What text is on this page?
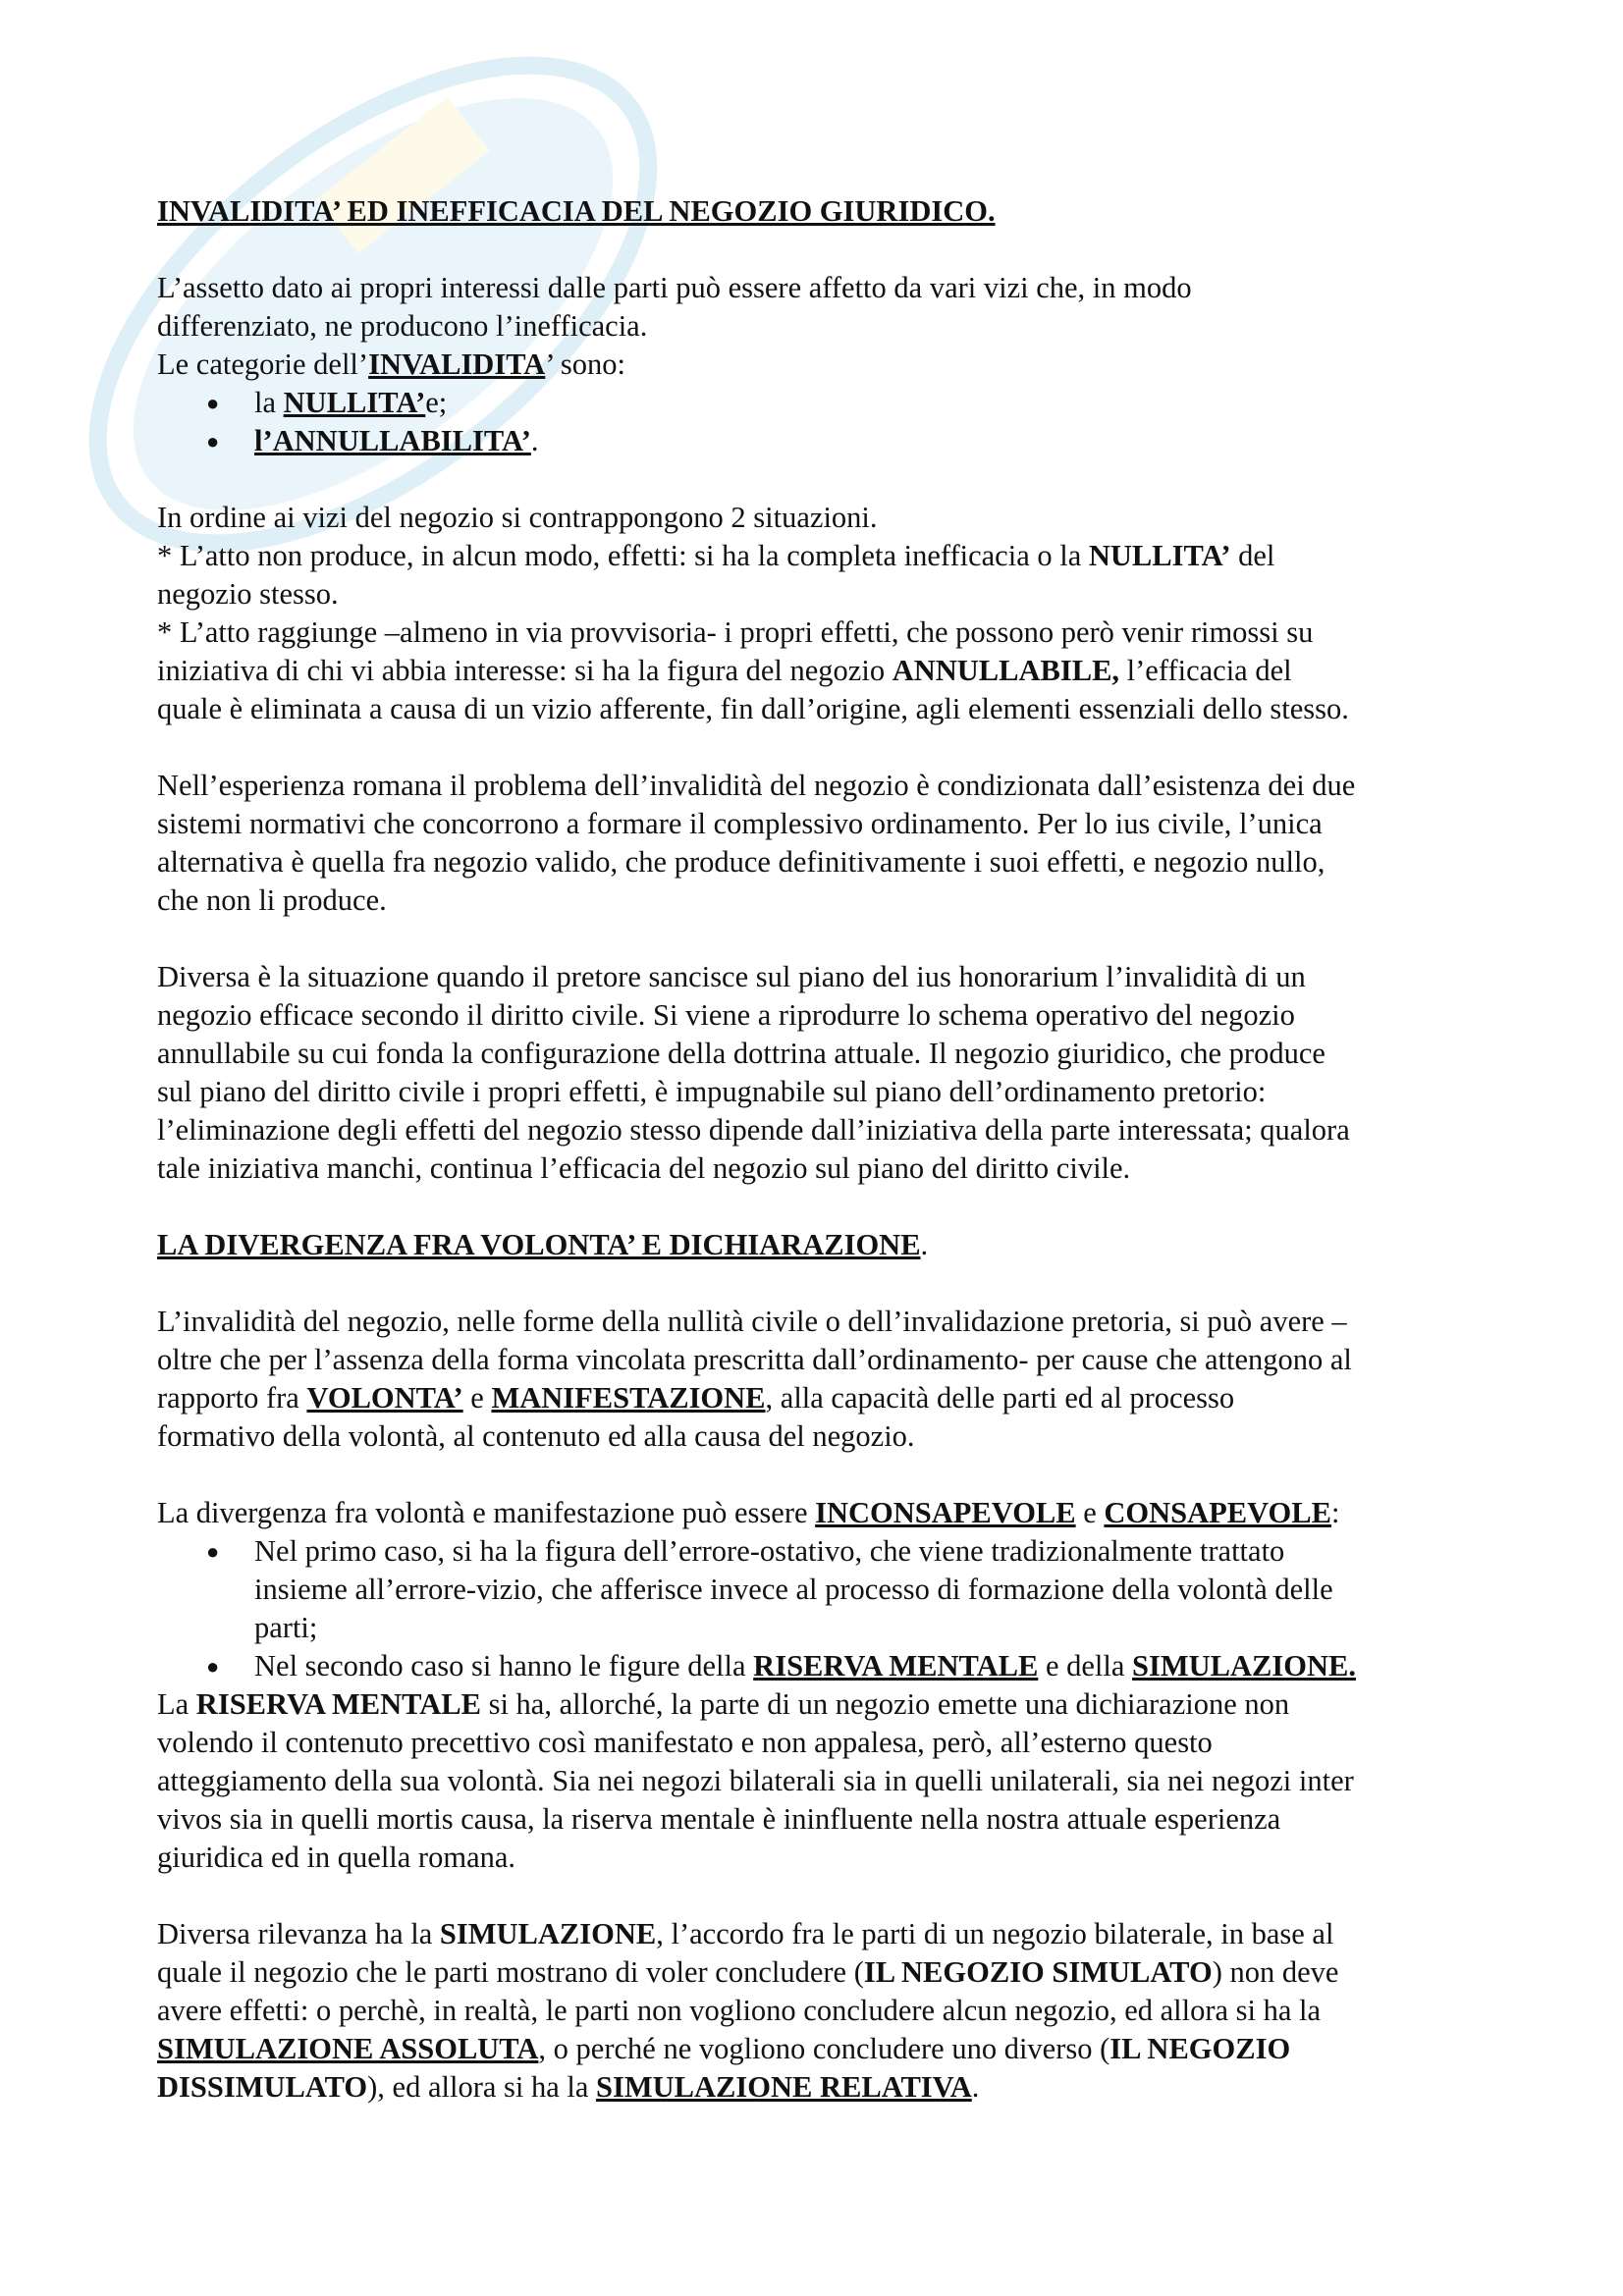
INVALIDITA’ ED INEFFICACIA DEL NEGOZIO GIURIDICO.

L’assetto dato ai propri interessi dalle parti può essere affetto da vari vizi che, in modo
differenziato, ne producono l’inefficacia.

Le categorie dell’INVALIDITA’ sono:

● la NULLITA’e;
● l’ANNULLABILITA’.

In ordine ai vizi del negozio si contrappongono 2 situazioni.
* L’atto non produce, in alcun modo, effetti: si ha la completa inefficacia o la NULLITA’ del
negozio stesso.
* L’atto raggiunge –almeno in via provvisoria- i propri effetti, che possono però venir rimossi su
iniziativa di chi vi abbia interesse: si ha la figura del negozio ANNULLABILE, l’efficacia del
quale è eliminata a causa di un vizio afferente, fin dall’origine, agli elementi essenziali dello stesso.

Nell’esperienza romana il problema dell’invalidità del negozio è condizionata dall’esistenza dei due
sistemi normativi che concorrono a formare il complessivo ordinamento. Per lo ius civile, l’unica
alternativa è quella fra negozio valido, che produce definitivamente i suoi effetti, e negozio nullo,
che non li produce.

Diversa è la situazione quando il pretore sancisce sul piano del ius honorarium l’invalidità di un
negozio efficace secondo il diritto civile. Si viene a riprodurre lo schema operativo del negozio
annullabile su cui fonda la configurazione della dottrina attuale. Il negozio giuridico, che produce
sul piano del diritto civile i propri effetti, è impugnabile sul piano dell’ordinamento pretorio:
l’eliminazione degli effetti del negozio stesso dipende dall’iniziativa della parte interessata; qualora
tale iniziativa manchi, continua l’efficacia del negozio sul piano del diritto civile.

LA DIVERGENZA FRA VOLONTA’ E DICHIARAZIONE.

L’invalidità del negozio, nelle forme della nullità civile o dell’invalidazione pretoria, si può avere –
oltre che per l’assenza della forma vincolata prescritta dall’ordinamento- per cause che attengono al
rapporto fra VOLONTA’ e MANIFESTAZIONE, alla capacità delle parti ed al processo
formativo della volontà, al contenuto ed alla causa del negozio.

La divergenza fra volontà e manifestazione può essere INCONSAPEVOLE e CONSAPEVOLE:

● Nel primo caso, si ha la figura dell’errore-ostativo, che viene tradizionalmente trattato
insieme all’errore-vizio, che afferisce invece al processo di formazione della volontà delle
parti;
● Nel secondo caso si hanno le figure della RISERVA MENTALE e della SIMULAZIONE.

La RISERVA MENTALE si ha, allorché, la parte di un negozio emette una dichiarazione non
volendo il contenuto precettivo così manifestato e non appalesa, però, all’esterno questo
atteggiamento della sua volontà. Sia nei negozi bilaterali sia in quelli unilaterali, sia nei negozi inter
vivos sia in quelli mortis causa, la riserva mentale è ininfluente nella nostra attuale esperienza
giuridica ed in quella romana.

Diversa rilevanza ha la SIMULAZIONE, l’accordo fra le parti di un negozio bilaterale, in base al
quale il negozio che le parti mostrano di voler concludere (IL NEGOZIO SIMULATO) non deve
avere effetti: o perchè, in realtà, le parti non vogliono concludere alcun negozio, ed allora si ha la
SIMULAZIONE ASSOLUTA, o perché ne vogliono concludere uno diverso (IL NEGOZIO
DISSIMULATO), ed allora si ha la SIMULAZIONE RELATIVA.
